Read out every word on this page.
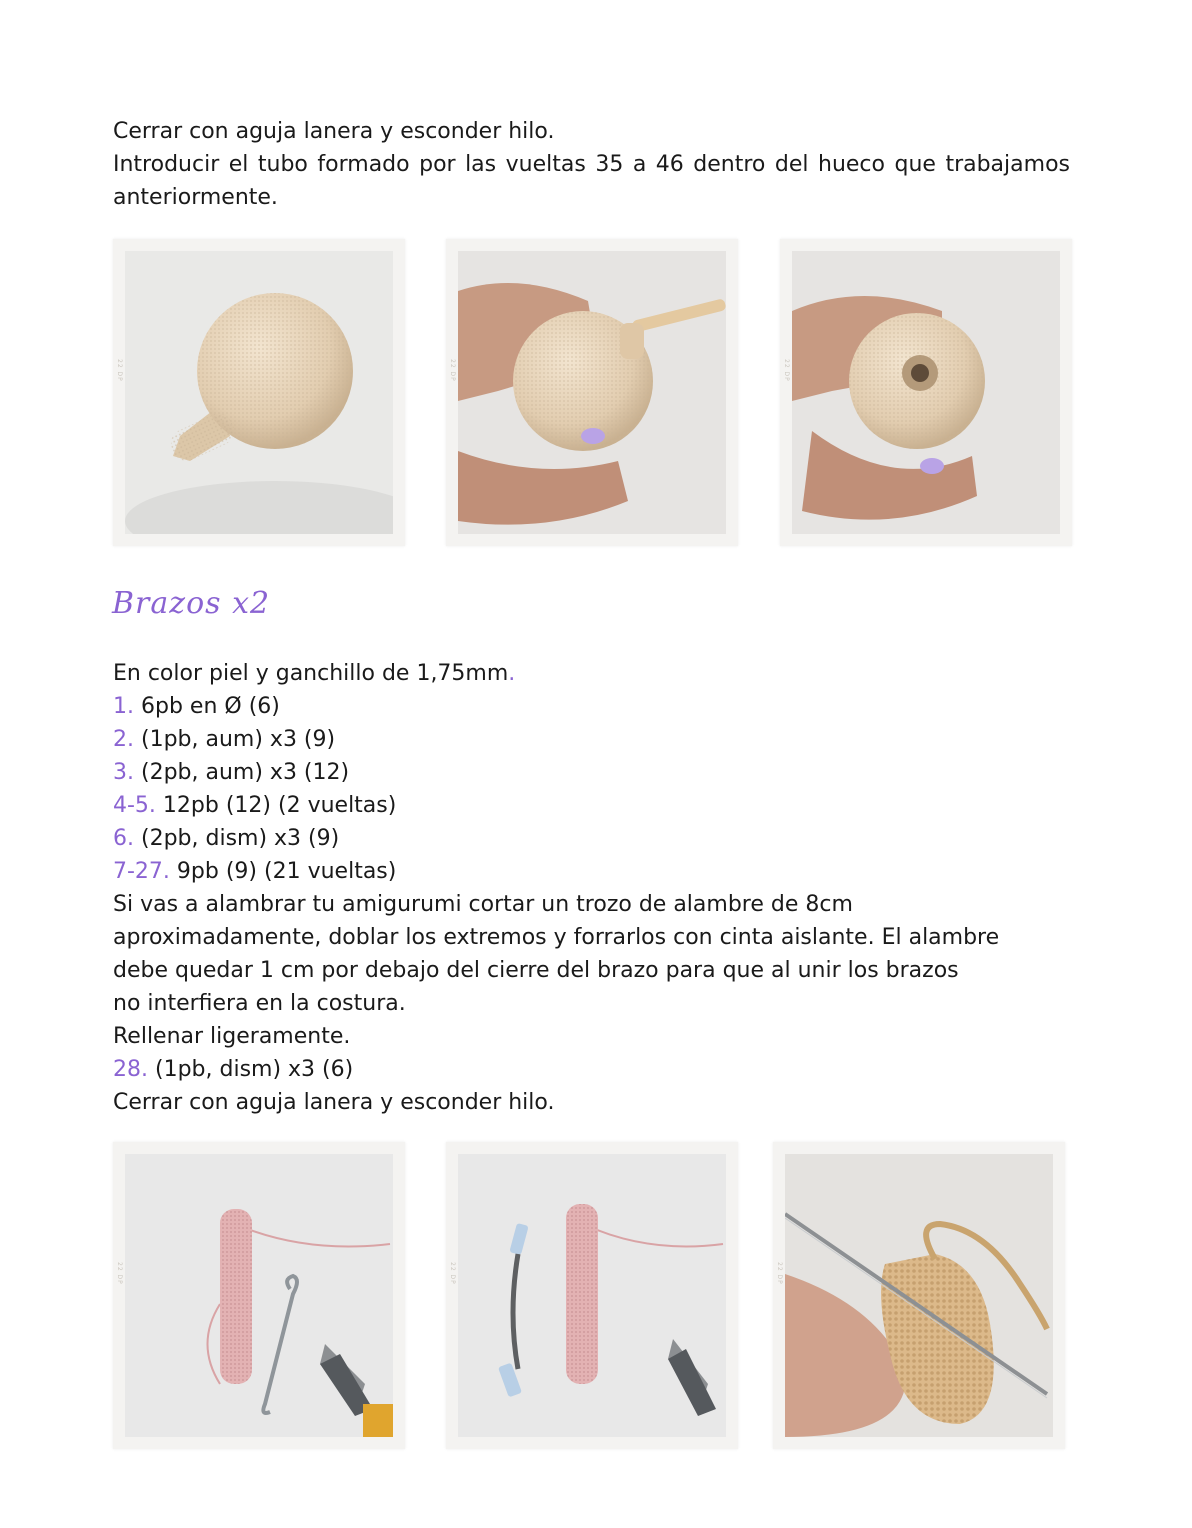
Cerrar con aguja lanera y esconder hilo.
Introducir el tubo formado por las vueltas 35 a 46 dentro del hueco que trabajamos anteriormente.
22 DP	22 DP	22 DP
Brazos x2
En color piel y ganchillo de 1,75mm.
1. 6pb en Ø (6)
2. (1pb, aum) x3 (9)
3. (2pb, aum) x3 (12)
4-5. 12pb (12) (2 vueltas)
6. (2pb, dism) x3 (9)
7-27. 9pb (9) (21 vueltas)
Si vas a alambrar tu amigurumi cortar un trozo de alambre de 8cm
aproximadamente, doblar los extremos y forrarlos con cinta aislante. El alambre
debe quedar 1 cm por debajo del cierre del brazo para que al unir los brazos
no interfiera en la costura.
Rellenar ligeramente.
28. (1pb, dism) x3 (6)
Cerrar con aguja lanera y esconder hilo.
22 DP	22 DP	22 DP
